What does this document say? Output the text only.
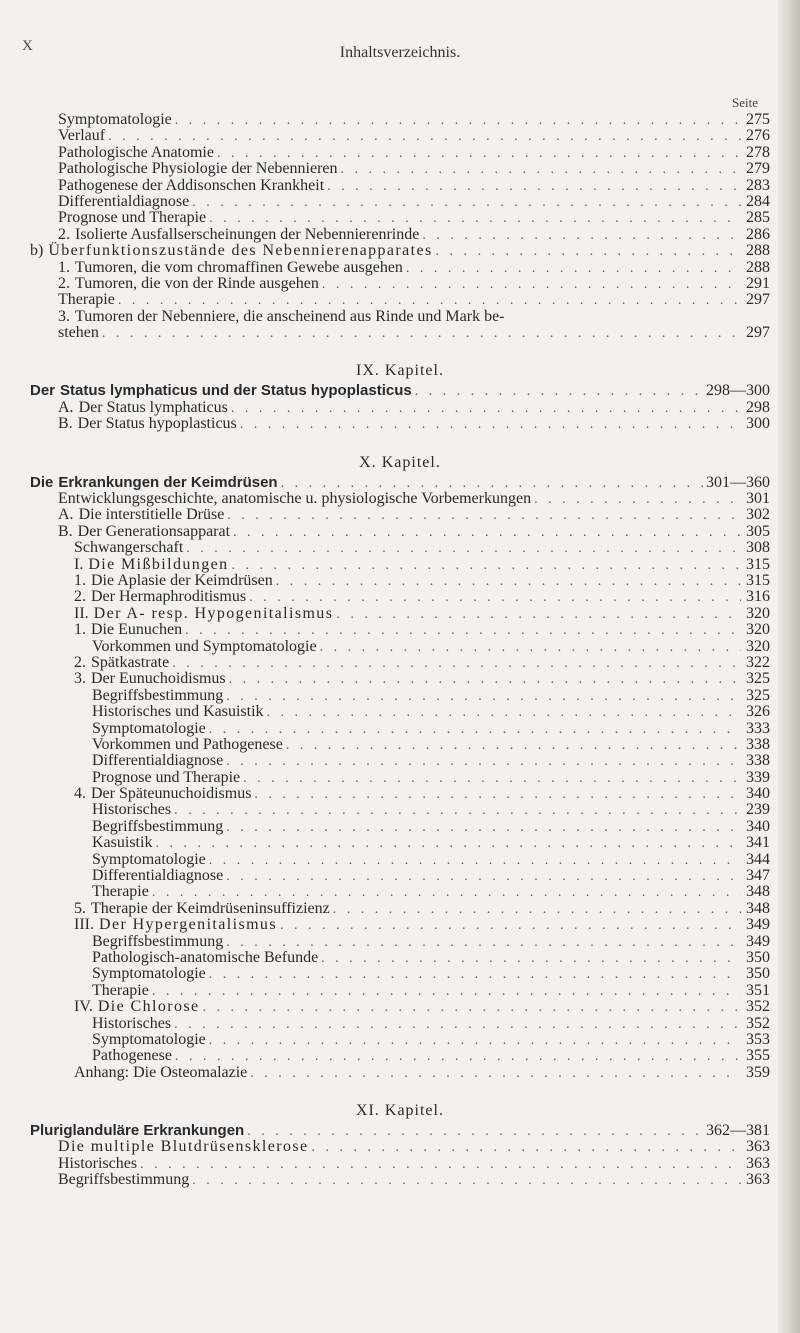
X	Inhaltsverzeichnis.
Seite
Symptomatologie . . .	275
Verlauf . . .	276
Pathologische Anatomie . . .	278
Pathologische Physiologie der Nebennieren . . .	279
Pathogenese der Addisonschen Krankheit . . .	283
Differentialdiagnose . . .	284
Prognose und Therapie . . .	285
2. Isolierte Ausfallserscheinungen der Nebennierenrinde . . .	286
b) Überfunktionszustände des Nebennierenapparates . . .	288
1. Tumoren, die vom chromaffinen Gewebe ausgehen . . .	288
2. Tumoren, die von der Rinde ausgehen . . .	291
Therapie . . .	297
3. Tumoren der Nebenniere, die anscheinend aus Rinde und Mark be-
stehen . . .	297
IX. Kapitel.
Der Status lymphaticus und der Status hypoplasticus . . .	298—300
A. Der Status lymphaticus . . .	298
B. Der Status hypoplasticus . . .	300
X. Kapitel.
Die Erkrankungen der Keimdrüsen . . .	301—360
Entwicklungsgeschichte, anatomische u. physiologische Vorbemerkungen . . .	301
A. Die interstitielle Drüse . . .	302
B. Der Generationsapparat . . .	305
Schwangerschaft . . .	308
I. Die Mißbildungen . . .	315
1. Die Aplasie der Keimdrüsen . . .	315
2. Der Hermaphroditismus . . .	316
II. Der A- resp. Hypogenitalismus . . .	320
1. Die Eunuchen . . .	320
Vorkommen und Symptomatologie . . .	320
2. Spätkastrate . . .	322
3. Der Eunuchoidismus . . .	325
Begriffsbestimmung . . .	325
Historisches und Kasuistik . . .	326
Symptomatologie . . .	333
Vorkommen und Pathogenese . . .	338
Differentialdiagnose . . .	338
Prognose und Therapie . . .	339
4. Der Späteunuchoidismus . . .	340
Historisches . . .	239
Begriffsbestimmung . . .	340
Kasuistik . . .	341
Symptomatologie . . .	344
Differentialdiagnose . . .	347
Therapie . . .	348
5. Therapie der Keimdrüseninsuffizienz . . .	348
III. Der Hypergenitalismus . . .	349
Begriffsbestimmung . . .	349
Pathologisch-anatomische Befunde . . .	350
Symptomatologie . . .	350
Therapie . . .	351
IV. Die Chlorose . . .	352
Historisches . . .	352
Symptomatologie . . .	353
Pathogenese . . .	355
Anhang: Die Osteomalazie . . .	359
XI. Kapitel.
Pluriglanduläre Erkrankungen . . .	362—381
Die multiple Blutdrüsensklerose . . .	363
Historisches . . .	363
Begriffsbestimmung . . .	363
